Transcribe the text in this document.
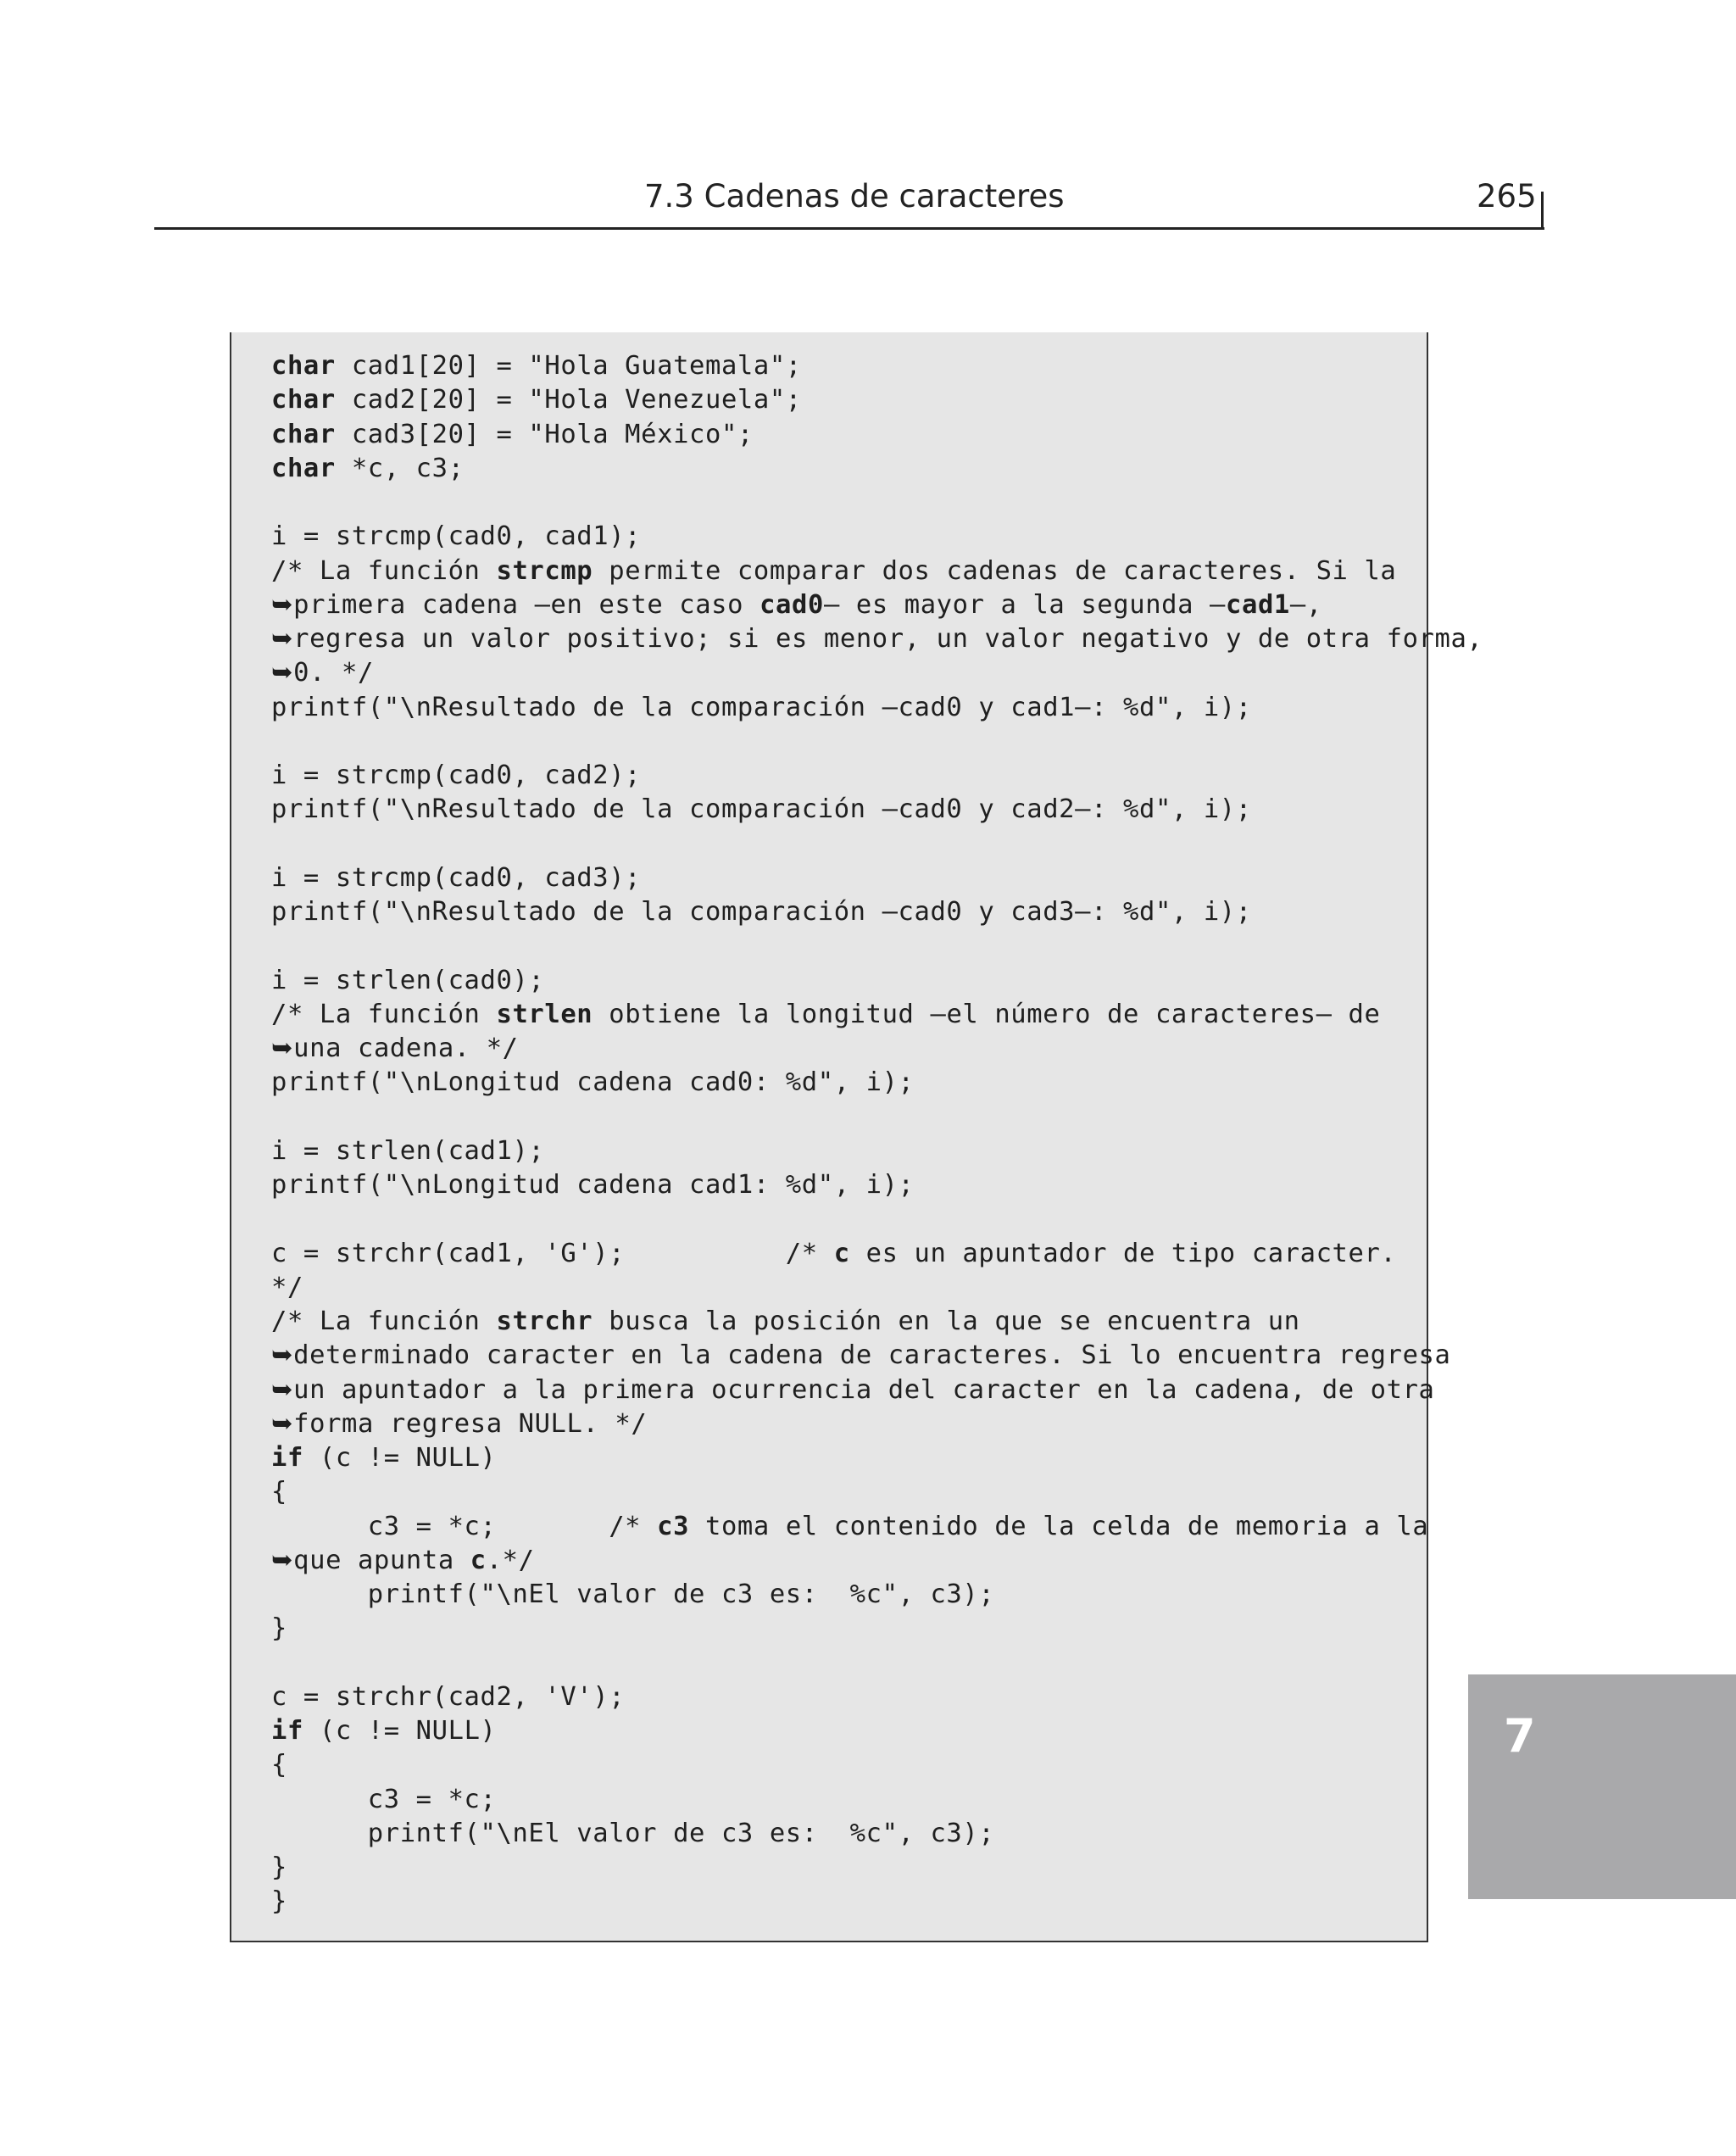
7.3 Cadenas de caracteres	265
char cad1[20] = "Hola Guatemala";
char cad2[20] = "Hola Venezuela";
char cad3[20] = "Hola México";
char *c, c3;

i = strcmp(cad0, cad1);
/* La función strcmp permite comparar dos cadenas de caracteres. Si la
➥primera cadena —en este caso cad0— es mayor a la segunda —cad1—,
➥regresa un valor positivo; si es menor, un valor negativo y de otra forma,
➥0. */
printf("\nResultado de la comparación —cad0 y cad1—: %d", i);

i = strcmp(cad0, cad2);
printf("\nResultado de la comparación —cad0 y cad2—: %d", i);

i = strcmp(cad0, cad3);
printf("\nResultado de la comparación —cad0 y cad3—: %d", i);

i = strlen(cad0);
/* La función strlen obtiene la longitud —el número de caracteres— de
➥una cadena. */
printf("\nLongitud cadena cad0: %d", i);

i = strlen(cad1);
printf("\nLongitud cadena cad1: %d", i);

c = strchr(cad1, 'G');          /* c es un apuntador de tipo caracter.
*/
/* La función strchr busca la posición en la que se encuentra un
➥determinado caracter en la cadena de caracteres. Si lo encuentra regresa
➥un apuntador a la primera ocurrencia del caracter en la cadena, de otra
➥forma regresa NULL. */
if (c != NULL)
{
c3 = *c;       /* c3 toma el contenido de la celda de memoria a la
➥que apunta c.*/
printf("\nEl valor de c3 es:  %c", c3);
}

c = strchr(cad2, 'V');
if (c != NULL)
{
c3 = *c;
printf("\nEl valor de c3 es:  %c", c3);
}
}
7
